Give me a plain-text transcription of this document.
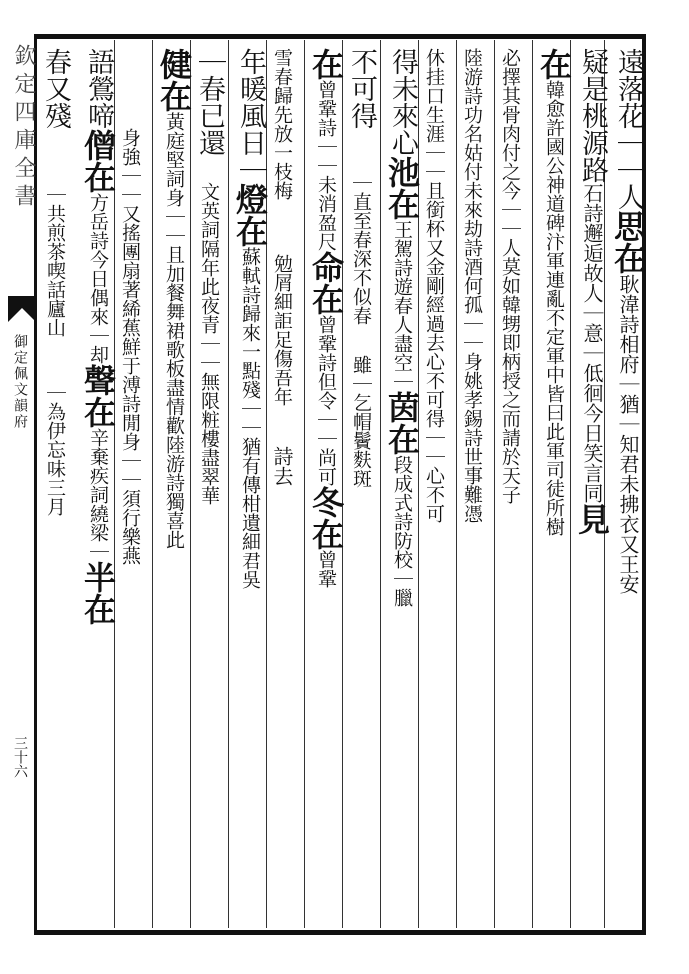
欽定四庫全書
御定佩文韻府
三十六
遠落花｜｜人思在耿湋詩相府｜猶｜知君未拂衣又王安
疑是桃源路石詩邂逅故人｜意｜低徊今日笑言同見
在韓愈許國公神道碑汴軍連亂不定軍中皆曰此軍司徒所樹
必擇其骨肉付之今｜｜人莫如韓甥即柄授之而請於天子
陸游詩功名姑付未來劫詩酒何孤｜｜身姚孝錫詩世事難憑
休挂口生涯｜｜且銜杯又金剛經過去心不可得｜｜心不可
得未來心池在王駕詩遊春人盡空｜茵在段成式詩防校｜臘
不可得｜直至春深不似春雖｜乞帽鬢麩斑
在曾鞏詩｜｜未消盈尺命在曾鞏詩但令｜｜尚可冬在曾鞏
雪春歸先放一枝梅勉屑細詎足傷吾年詩去
年暖風日｜燈在蘇軾詩歸來一點殘｜｜猶有傳柑遺細君吳
｜春已還文英詞隔年此夜青｜｜無限粧樓盡翠華
健在黃庭堅詞身｜｜且加餐舞裙歌板盡情歡陸游詩獨喜此
身強｜｜又搖團扇著絺蕉鮮于溥詩閒身｜｜須行樂燕
語鶯啼僧在方岳詩今日偶來｜却聲在辛棄疾詞繞梁｜半在
春又殘｜共煎茶喫話廬山｜為伊忘味三月
